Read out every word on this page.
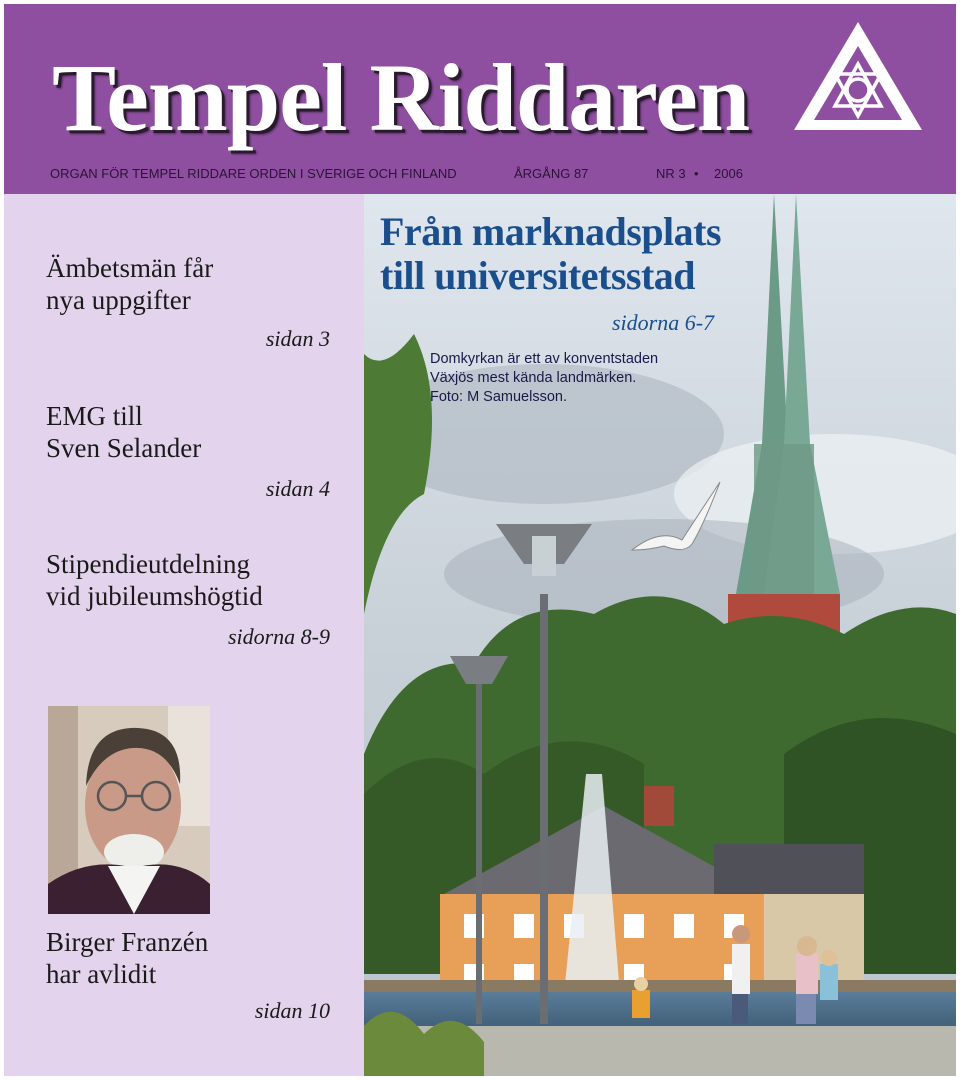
Tempel Riddaren
ORGAN FÖR TEMPEL RIDDARE ORDEN I SVERIGE OCH FINLAND	ÅRGÅNG 87	NR 3 • 2006
Ämbetsmän får
nya uppgifter
sidan 3
EMG till
Sven Selander
sidan 4
Stipendieutdelning
vid jubileumshögtid
sidorna 8-9
Birger Franzén
har avlidit
sidan 10
Från marknadsplats
till universitetsstad
sidorna 6-7
Domkyrkan är ett av konventstaden
Växjös mest kända landmärken.
Foto: M Samuelsson.
